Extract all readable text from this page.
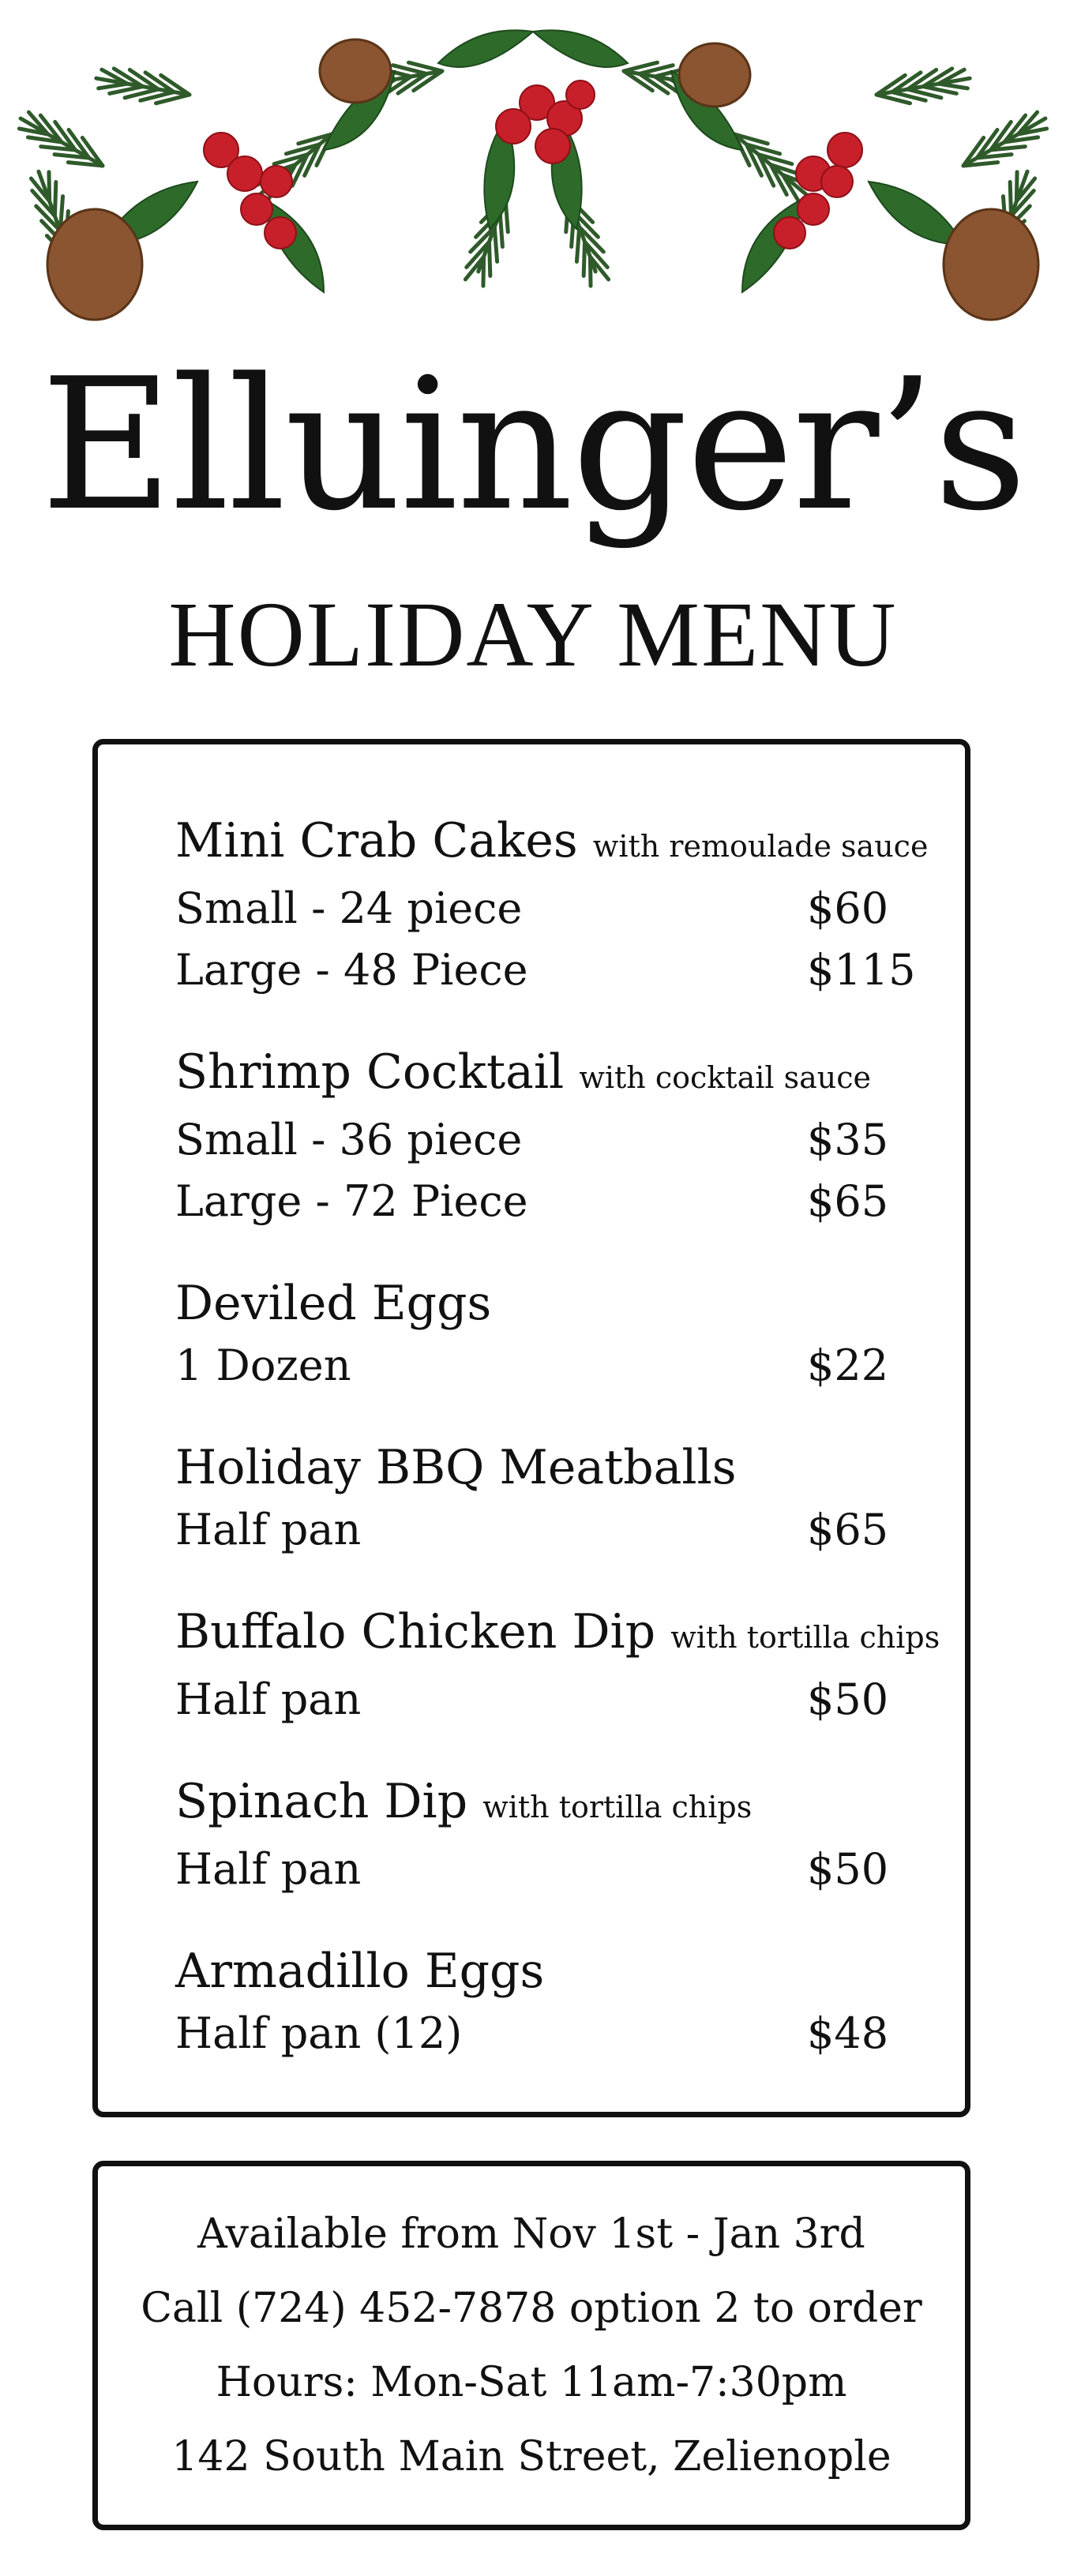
Elluinger’s
HOLIDAY MENU
Mini Crab Cakes with remoulade sauce
Small - 24 piece	$60
Large - 48 Piece	$115
Shrimp Cocktail with cocktail sauce
Small - 36 piece	$35
Large - 72 Piece	$65
Deviled Eggs
1 Dozen	$22
Holiday BBQ Meatballs
Half pan	$65
Buffalo Chicken Dip with tortilla chips
Half pan	$50
Spinach Dip with tortilla chips
Half pan	$50
Armadillo Eggs
Half pan (12)	$48
Available from Nov 1st - Jan 3rd
Call (724) 452-7878 option 2 to order
Hours: Mon-Sat 11am-7:30pm
142 South Main Street, Zelienople
